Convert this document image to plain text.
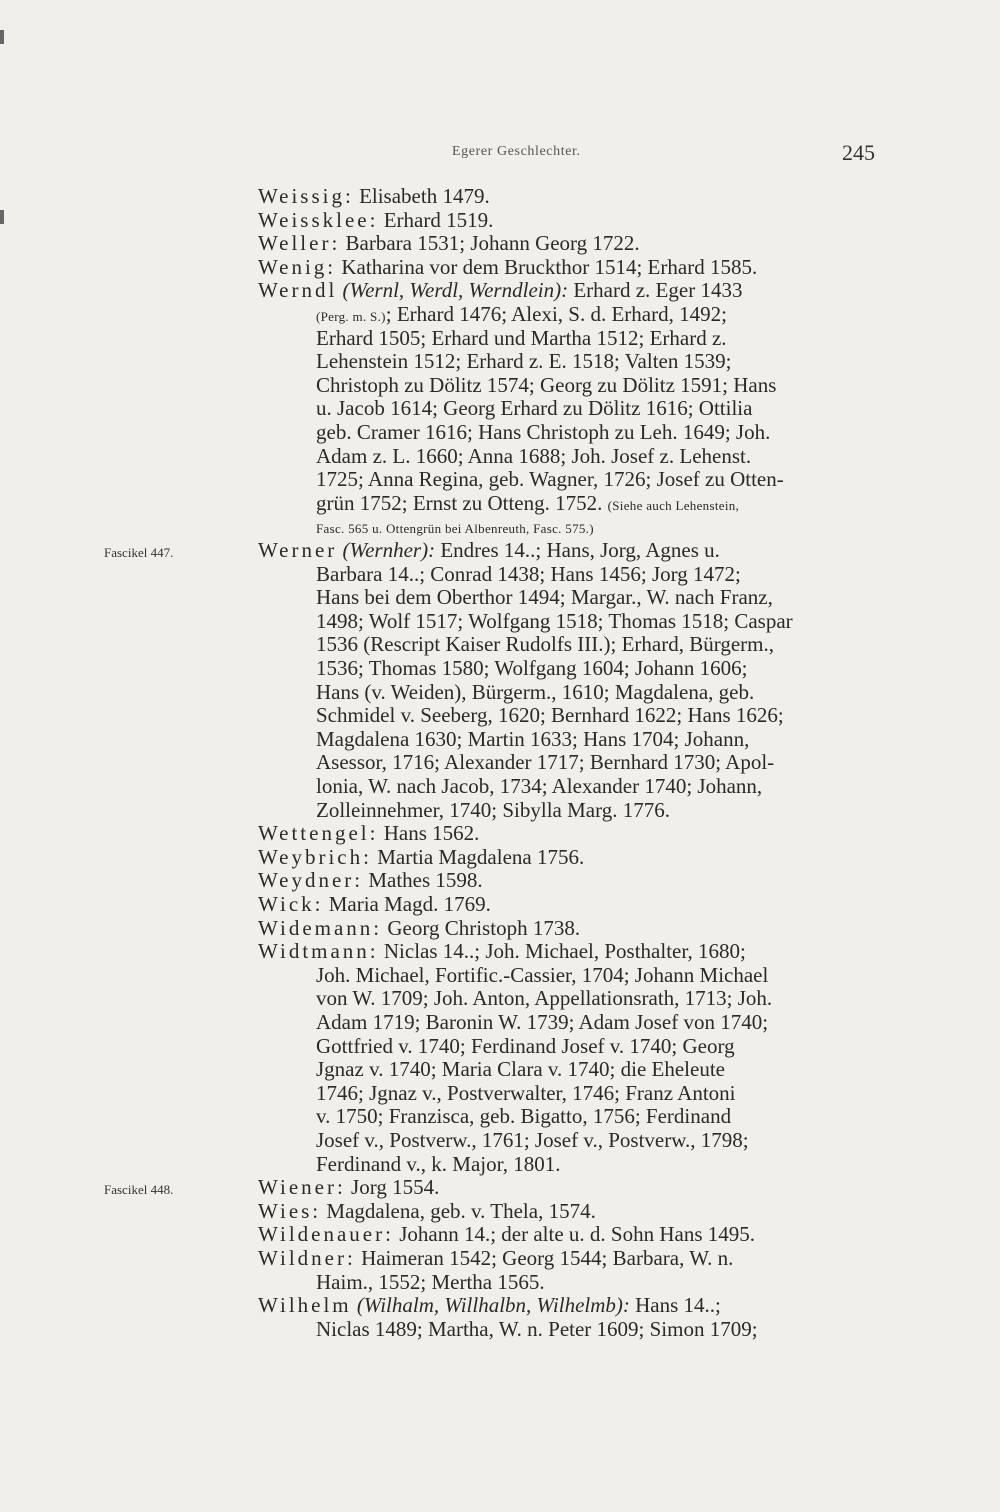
Egerer Geschlechter.	245
Weissig: Elisabeth 1479.
Weissklee: Erhard 1519.
Weller: Barbara 1531; Johann Georg 1722.
Wenig: Katharina vor dem Bruckthor 1514; Erhard 1585.
Werndl (Wernl, Werdl, Werndlein): Erhard z. Eger 1433
(Perg. m. S.); Erhard 1476; Alexi, S. d. Erhard, 1492;
Erhard 1505; Erhard und Martha 1512; Erhard z.
Lehenstein 1512; Erhard z. E. 1518; Valten 1539;
Christoph zu Dölitz 1574; Georg zu Dölitz 1591; Hans
u. Jacob 1614; Georg Erhard zu Dölitz 1616; Ottilia
geb. Cramer 1616; Hans Christoph zu Leh. 1649; Joh.
Adam z. L. 1660; Anna 1688; Joh. Josef z. Lehenst.
1725; Anna Regina, geb. Wagner, 1726; Josef zu Otten-
grün 1752; Ernst zu Otteng. 1752. (Siehe auch Lehenstein,
Fasc. 565 u. Ottengrün bei Albenreuth, Fasc. 575.)
Fascikel 447.	Werner (Wernher): Endres 14..; Hans, Jorg, Agnes u.
Barbara 14..; Conrad 1438; Hans 1456; Jorg 1472;
Hans bei dem Oberthor 1494; Margar., W. nach Franz,
1498; Wolf 1517; Wolfgang 1518; Thomas 1518; Caspar
1536 (Rescript Kaiser Rudolfs III.); Erhard, Bürgerm.,
1536; Thomas 1580; Wolfgang 1604; Johann 1606;
Hans (v. Weiden), Bürgerm., 1610; Magdalena, geb.
Schmidel v. Seeberg, 1620; Bernhard 1622; Hans 1626;
Magdalena 1630; Martin 1633; Hans 1704; Johann,
Asessor, 1716; Alexander 1717; Bernhard 1730; Apol-
lonia, W. nach Jacob, 1734; Alexander 1740; Johann,
Zolleinnehmer, 1740; Sibylla Marg. 1776.
Wettengel: Hans 1562.
Weybrich: Martia Magdalena 1756.
Weydner: Mathes 1598.
Wick: Maria Magd. 1769.
Widemann: Georg Christoph 1738.
Widtmann: Niclas 14..; Joh. Michael, Posthalter, 1680;
Joh. Michael, Fortific.-Cassier, 1704; Johann Michael
von W. 1709; Joh. Anton, Appellationsrath, 1713; Joh.
Adam 1719; Baronin W. 1739; Adam Josef von 1740;
Gottfried v. 1740; Ferdinand Josef v. 1740; Georg
Jgnaz v. 1740; Maria Clara v. 1740; die Eheleute
1746; Jgnaz v., Postverwalter, 1746; Franz Antoni
v. 1750; Franzisca, geb. Bigatto, 1756; Ferdinand
Josef v., Postverw., 1761; Josef v., Postverw., 1798;
Ferdinand v., k. Major, 1801.
Fascikel 448.	Wiener: Jorg 1554.
Wies: Magdalena, geb. v. Thela, 1574.
Wildenauer: Johann 14.; der alte u. d. Sohn Hans 1495.
Wildner: Haimeran 1542; Georg 1544; Barbara, W. n.
Haim., 1552; Mertha 1565.
Wilhelm (Wilhalm, Willhalbn, Wilhelmb): Hans 14..;
Niclas 1489; Martha, W. n. Peter 1609; Simon 1709;
